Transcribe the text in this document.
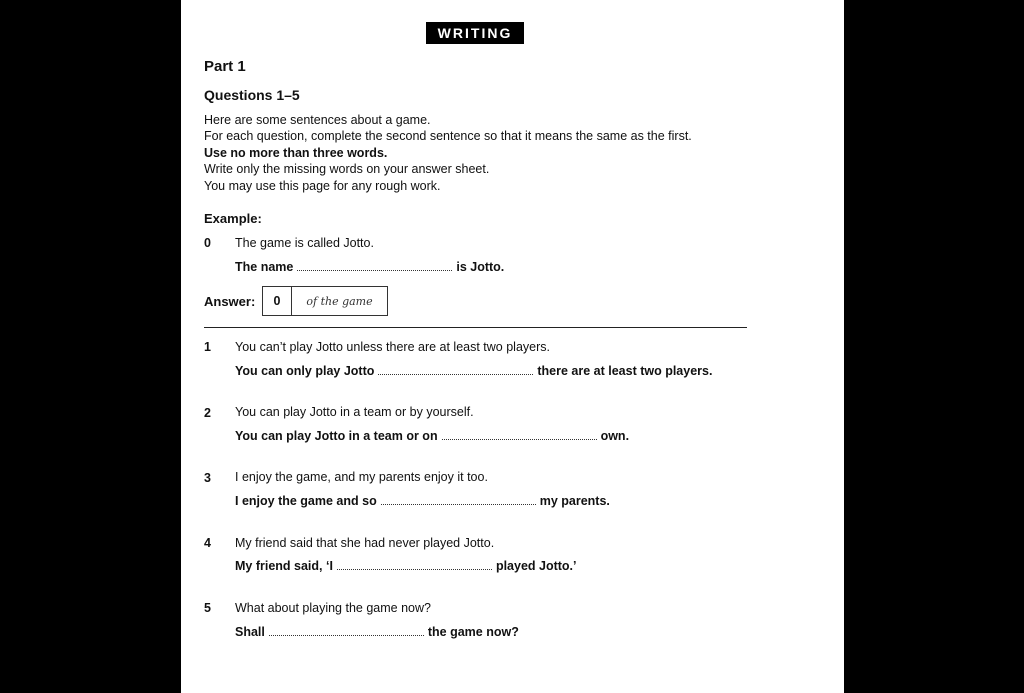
WRITING
Part 1
Questions 1–5
Here are some sentences about a game.
For each question, complete the second sentence so that it means the same as the first.
Use no more than three words.
Write only the missing words on your answer sheet.
You may use this page for any rough work.
Example:
0 The game is called Jotto.
The name	is Jotto.
Answer:	0	of the game
1 You can’t play Jotto unless there are at least two players.
You can only play Jotto	there are at least two players.
2 You can play Jotto in a team or by yourself.
You can play Jotto in a team or on	own.
3 I enjoy the game, and my parents enjoy it too.
I enjoy the game and so	my parents.
4 My friend said that she had never played Jotto.
My friend said, ‘I	played Jotto.’
5 What about playing the game now?
Shall	the game now?
